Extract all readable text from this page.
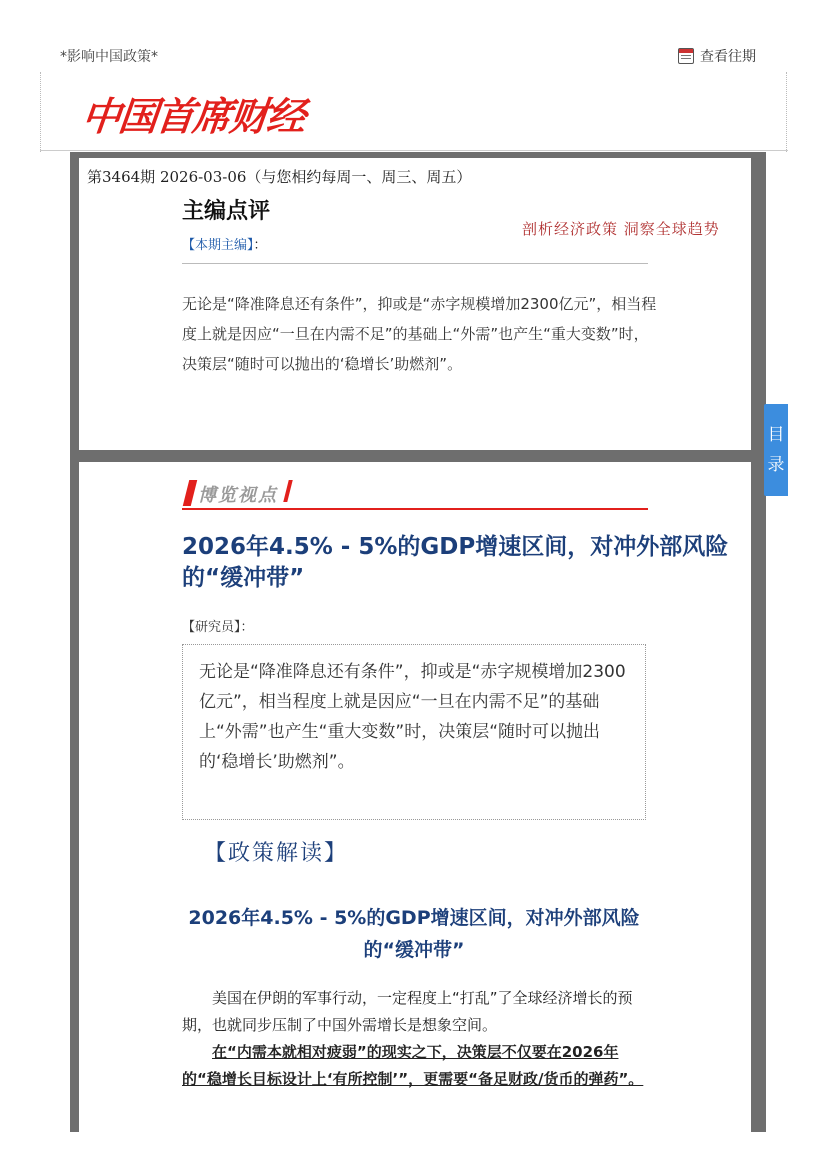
*影响中国政策*	查看往期
中国首席财经
第3464期 2026-03-06（与您相约每周一、周三、周五）
主编点评
剖析经济政策 洞察全球趋势
【本期主编】：
无论是“降准降息还有条件”，抑或是“赤字规模增加2300亿元”，相当程度上就是因应“一旦在内需不足”的基础上“外需”也产生“重大变数”时，决策层“随时可以抛出的‘稳增长’助燃剂”。
目
录
博览视点
2026年4.5% - 5%的GDP增速区间，对冲外部风险的“缓冲带”
【研究员】：
无论是“降准降息还有条件”，抑或是“赤字规模增加2300亿元”，相当程度上就是因应“一旦在内需不足”的基础上“外需”也产生“重大变数”时，决策层“随时可以抛出的‘稳增长’助燃剂”。
【政策解读】
2026年4.5% - 5%的GDP增速区间，对冲外部风险的“缓冲带”

美国在伊朗的军事行动，一定程度上“打乱”了全球经济增长的预期，也就同步压制了中国外需增长是想象空间。

在“内需本就相对疲弱”的现实之下，决策层不仅要在2026年的“稳增长目标设计上‘有所控制’”，更需要“备足财政/货币的弹药”。
